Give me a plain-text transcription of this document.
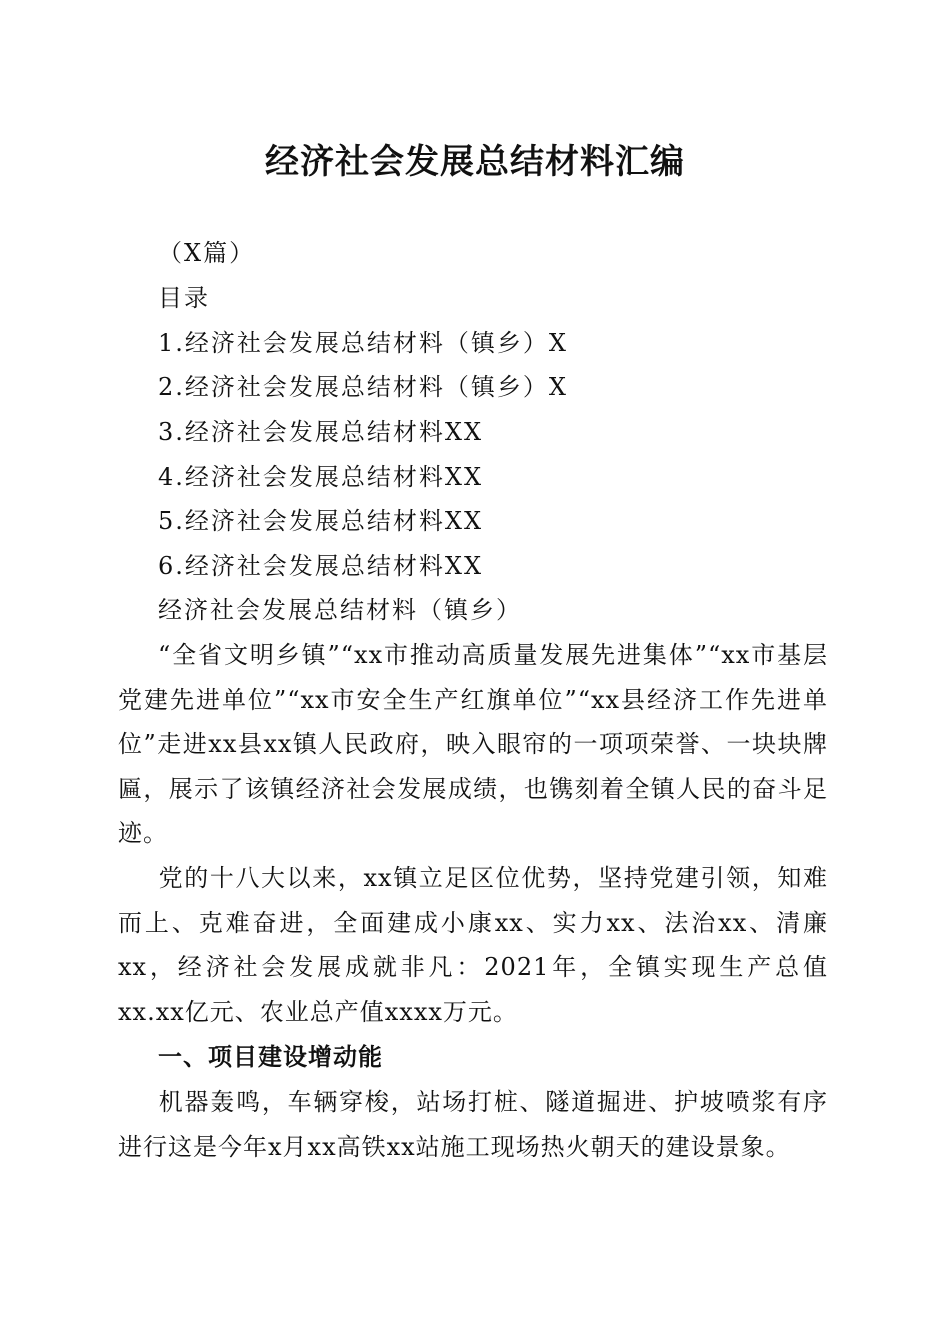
经济社会发展总结材料汇编
（X篇）
目录
1.经济社会发展总结材料（镇乡）X
2.经济社会发展总结材料（镇乡）X
3.经济社会发展总结材料XX
4.经济社会发展总结材料XX
5.经济社会发展总结材料XX
6.经济社会发展总结材料XX
经济社会发展总结材料（镇乡）
“全省文明乡镇”“xx市推动高质量发展先进集体”“xx市基层党建先进单位”“xx市安全生产红旗单位”“xx县经济工作先进单位”走进xx县xx镇人民政府，映入眼帘的一项项荣誉、一块块牌匾，展示了该镇经济社会发展成绩，也镌刻着全镇人民的奋斗足迹。
党的十八大以来，xx镇立足区位优势，坚持党建引领，知难而上、克难奋进，全面建成小康xx、实力xx、法治xx、清廉xx，经济社会发展成就非凡：2021年，全镇实现生产总值xx.xx亿元、农业总产值xxxx万元。
一、项目建设增动能
机器轰鸣，车辆穿梭，站场打桩、隧道掘进、护坡喷浆有序进行这是今年x月xx高铁xx站施工现场热火朝天的建设景象。
